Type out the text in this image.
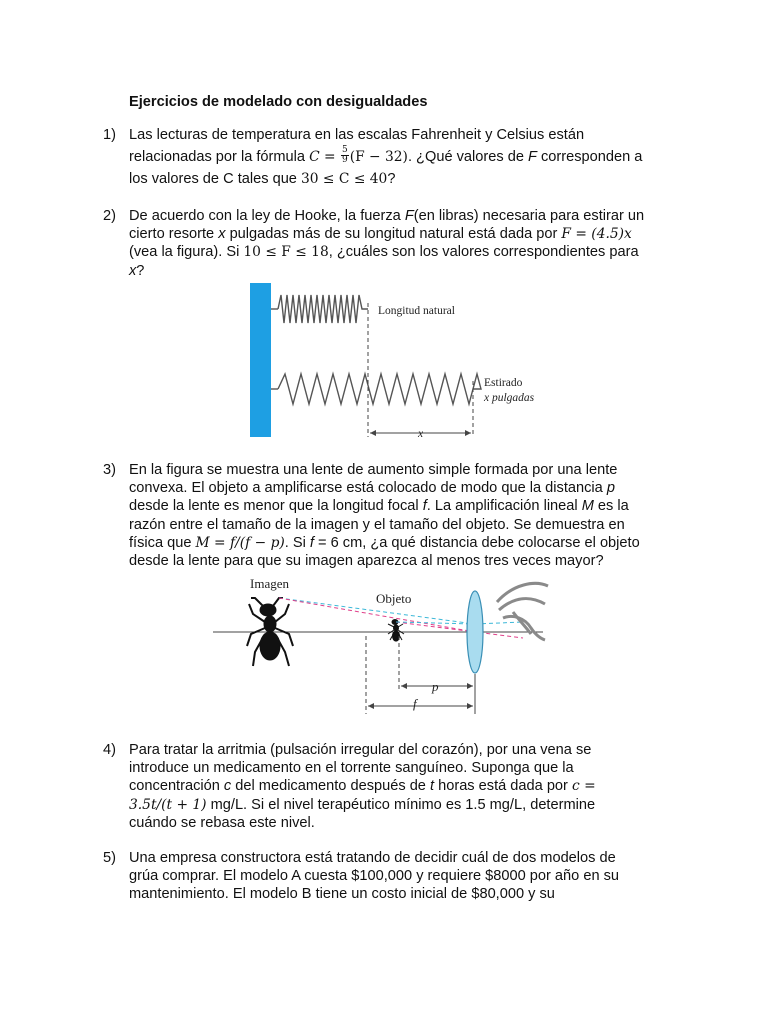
Ejercicios de modelado con desigualdades
1) Las lecturas de temperatura en las escalas Fahrenheit y Celsius están
relacionadas por la fórmula $C = \frac{5}{9} (F - 32)$. ¿Qué valores de F corresponden a
los valores de C tales que 30 ≤ C ≤ 40?
2) De acuerdo con la ley de Hooke, la fuerza F(en libras) necesaria para estirar un
cierto resorte x pulgadas más de su longitud natural está dada por F = (4.5)x
(vea la figura). Si 10 ≤ F ≤ 18, ¿cuáles son los valores correspondientes para
x?
Longitud natural
Estirado
x pulgadas
x
3) En la figura se muestra una lente de aumento simple formada por una lente
convexa. El objeto a amplificarse está colocado de modo que la distancia p
desde la lente es menor que la longitud focal f. La amplificación lineal M es la
razón entre el tamaño de la imagen y el tamaño del objeto. Se demuestra en
física que M = f/(f − p). Si f = 6 cm, ¿a qué distancia debe colocarse el objeto
desde la lente para que su imagen aparezca al menos tres veces mayor?
Imagen
Objeto
p
f
4) Para tratar la arritmia (pulsación irregular del corazón), por una vena se
introduce un medicamento en el torrente sanguíneo. Suponga que la
concentración c del medicamento después de t horas está dada por c =
3.5t/(t + 1) mg/L. Si el nivel terapéutico mínimo es 1.5 mg/L, determine
cuándo se rebasa este nivel.
5) Una empresa constructora está tratando de decidir cuál de dos modelos de
grúa comprar. El modelo A cuesta $100,000 y requiere $8000 por año en su
mantenimiento. El modelo B tiene un costo inicial de $80,000 y su
